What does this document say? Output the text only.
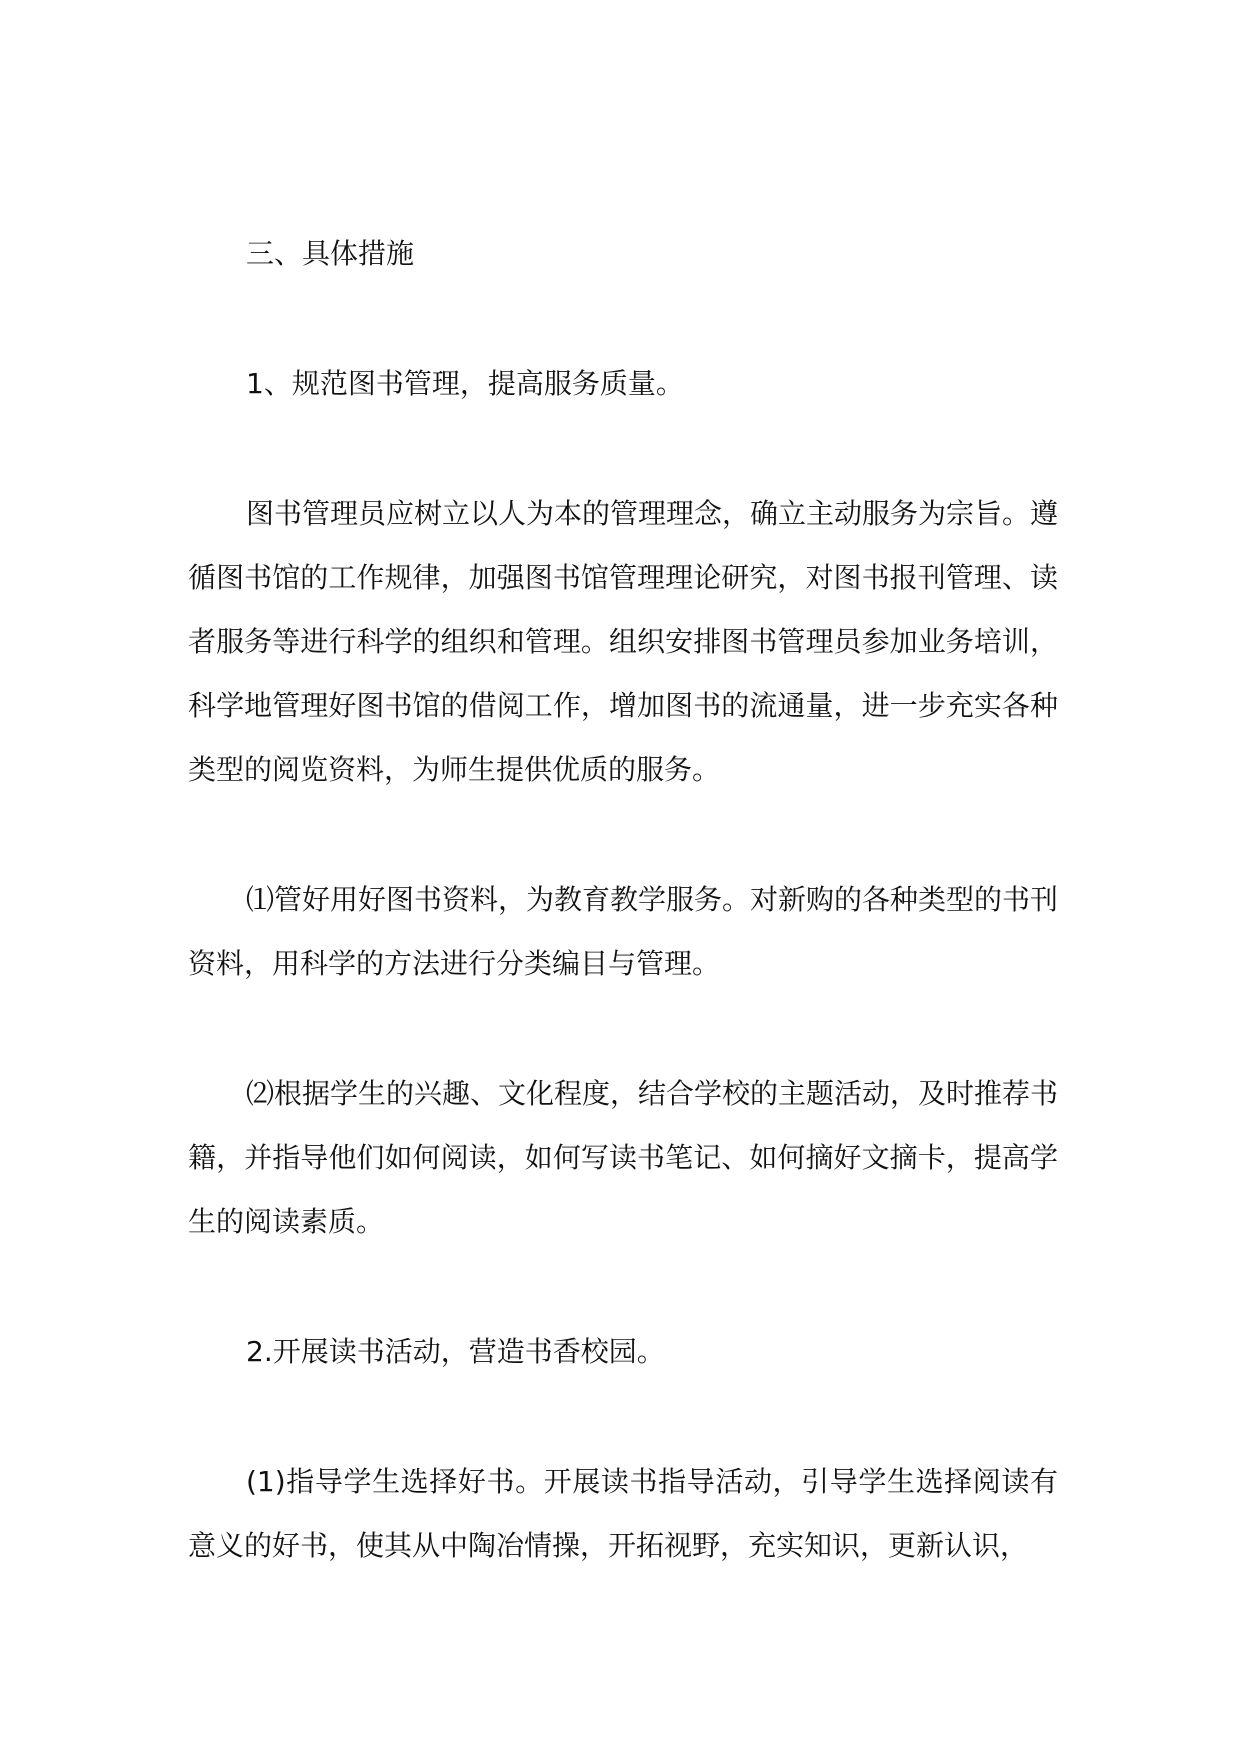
三、具体措施

1、规范图书管理，提高服务质量。

图书管理员应树立以人为本的管理理念，确立主动服务为宗旨。遵循图书馆的工作规律，加强图书馆管理理论研究，对图书报刊管理、读者服务等进行科学的组织和管理。组织安排图书管理员参加业务培训，科学地管理好图书馆的借阅工作，增加图书的流通量，进一步充实各种类型的阅览资料，为师生提供优质的服务。

⑴管好用好图书资料，为教育教学服务。对新购的各种类型的书刊资料，用科学的方法进行分类编目与管理。

⑵根据学生的兴趣、文化程度，结合学校的主题活动，及时推荐书籍，并指导他们如何阅读，如何写读书笔记、如何摘好文摘卡，提高学生的阅读素质。

2.开展读书活动，营造书香校园。

(1)指导学生选择好书。开展读书指导活动，引导学生选择阅读有意义的好书，使其从中陶冶情操，开拓视野，充实知识，更新认识，
